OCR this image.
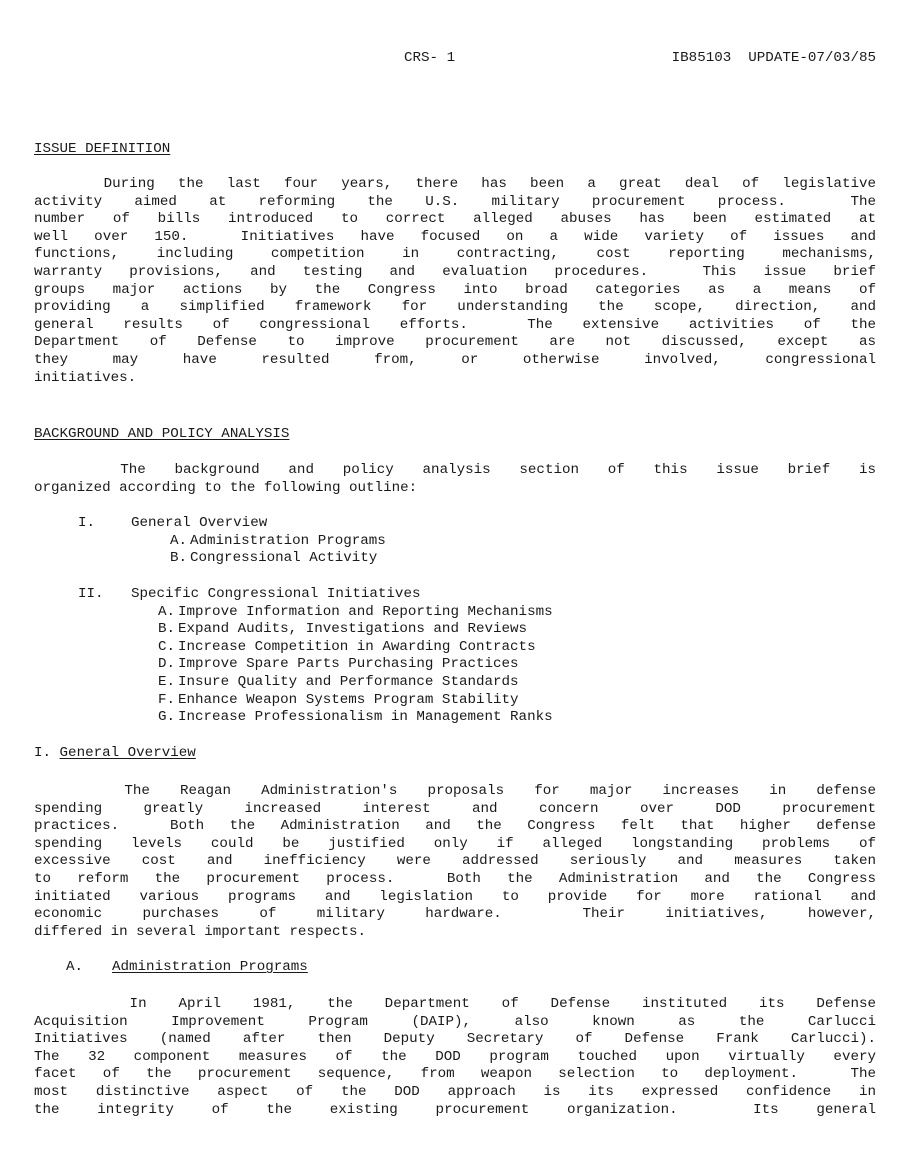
CRS- 1	IB85103  UPDATE-07/03/85
ISSUE DEFINITION
During the last four years, there has been a great deal of legislative
activity aimed at reforming the U.S. military procurement process.  The
number of bills introduced to correct alleged abuses has been estimated at
well over 150.  Initiatives have focused on a wide variety of issues and
functions, including competition in contracting, cost reporting mechanisms,
warranty provisions, and testing and evaluation procedures.  This issue brief
groups major actions by the Congress into broad categories as a means of
providing a simplified framework for understanding the scope, direction, and
general results of congressional efforts.  The extensive activities of the
Department of Defense to improve procurement are not discussed, except as
they may have resulted from, or otherwise involved, congressional
initiatives.
BACKGROUND AND POLICY ANALYSIS
The background and policy analysis section of this issue brief is
organized according to the following outline:
I.	General Overview
A. Administration Programs
B. Congressional Activity
II. Specific Congressional Initiatives
A. Improve Information and Reporting Mechanisms
B. Expand Audits, Investigations and Reviews
C. Increase Competition in Awarding Contracts
D. Improve Spare Parts Purchasing Practices
E. Insure Quality and Performance Standards
F. Enhance Weapon Systems Program Stability
G. Increase Professionalism in Management Ranks
I. General Overview
The Reagan Administration's proposals for major increases in defense
spending greatly increased interest and concern over DOD procurement
practices.  Both the Administration and the Congress felt that higher defense
spending levels could be justified only if alleged longstanding problems of
excessive cost and inefficiency were addressed seriously and measures taken
to reform the procurement process.  Both the Administration and the Congress
initiated various programs and legislation to provide for more rational and
economic purchases of military hardware.  Their initiatives, however,
differed in several important respects.
A. Administration Programs
In April 1981, the Department of Defense instituted its Defense
Acquisition Improvement Program (DAIP), also known as the Carlucci
Initiatives (named after then Deputy Secretary of Defense Frank Carlucci).
The 32 component measures of the DOD program touched upon virtually every
facet of the procurement sequence, from weapon selection to deployment.  The
most distinctive aspect of the DOD approach is its expressed confidence in
the integrity of the existing procurement organization.  Its general
